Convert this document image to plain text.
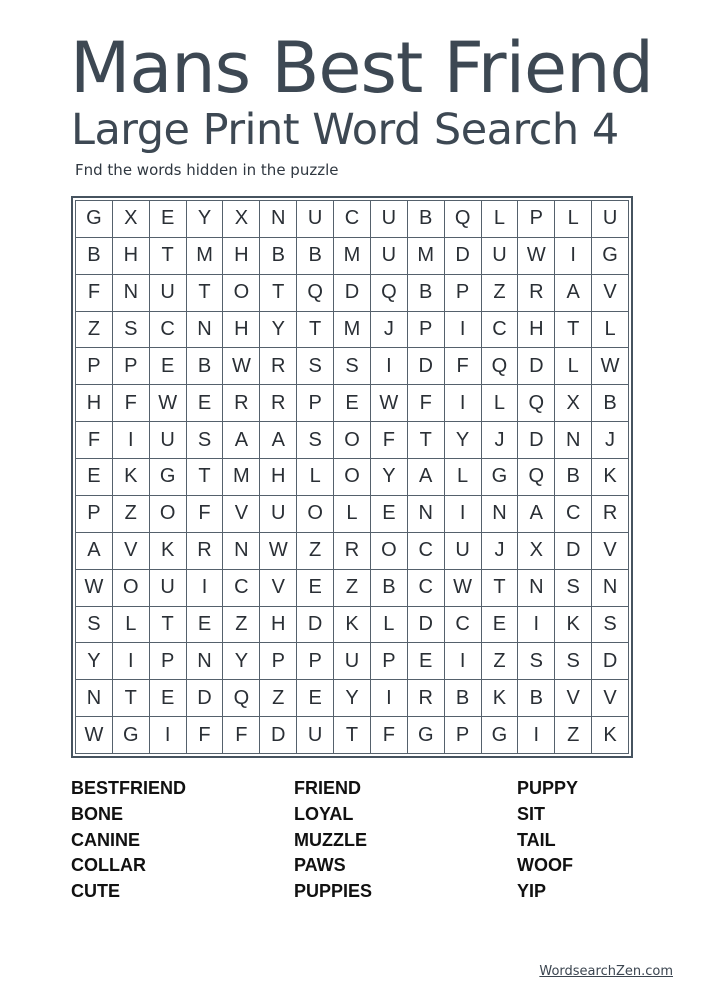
Mans Best Friend
Large Print Word Search 4

Fnd the words hidden in the puzzle

G	X	E	Y	X	N	U	C	U	B	Q	L	P	L	U
B	H	T	M	H	B	B	M	U	M	D	U	W	I	G
F	N	U	T	O	T	Q	D	Q	B	P	Z	R	A	V
Z	S	C	N	H	Y	T	M	J	P	I	C	H	T	L
P	P	E	B	W	R	S	S	I	D	F	Q	D	L	W
H	F	W	E	R	R	P	E	W	F	I	L	Q	X	B
F	I	U	S	A	A	S	O	F	T	Y	J	D	N	J
E	K	G	T	M	H	L	O	Y	A	L	G	Q	B	K
P	Z	O	F	V	U	O	L	E	N	I	N	A	C	R
A	V	K	R	N	W	Z	R	O	C	U	J	X	D	V
W O	U	I	C	V	E	Z	B	C	W	T	N	S	N
S	L	T	E	Z	H	D	K	L	D	C	E	I	K	S
Y	I	P	N	Y	P	P	U	P	E	I	Z	S	S	D
N	T	E	D	Q	Z	E	Y	I	R	B	K	B	V	V
W G	I	F	F	D	U	T	F	G	P	G	I	Z	K
BESTFRIEND
BONE
CANINE
COLLAR
CUTE
FRIEND
LOYAL
MUZZLE
PAWS
PUPPIES
PUPPY
SIT
TAIL
WOOF
YIP
WordsearchZen.com
